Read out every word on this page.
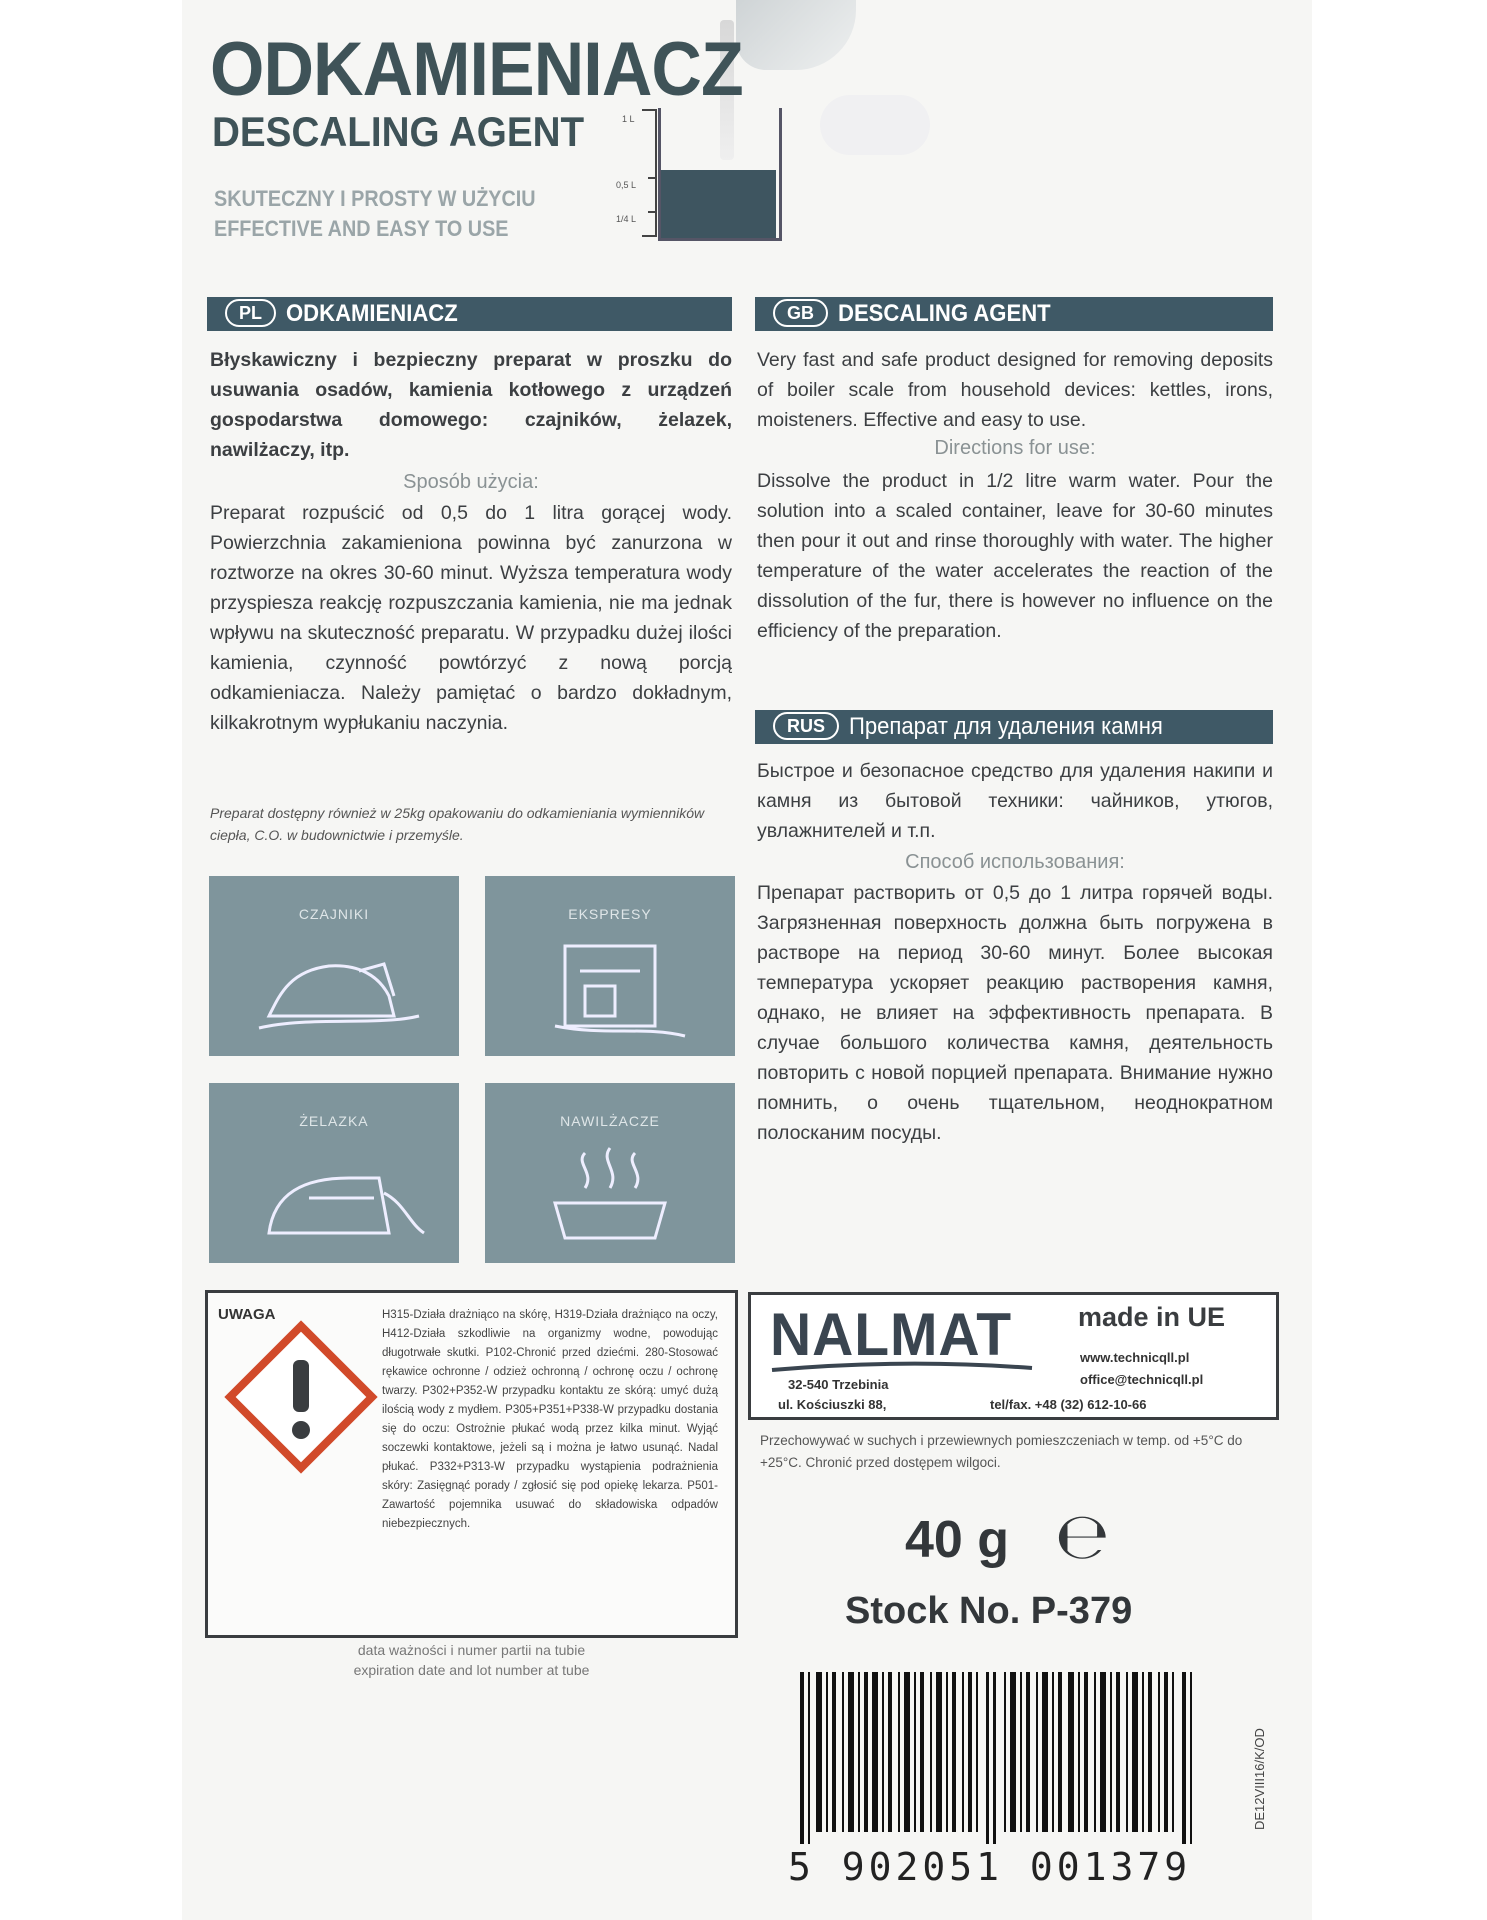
ODKAMIENIACZ
DESCALING AGENT
SKUTECZNY I PROSTY W UŻYCIU
EFFECTIVE AND EASY TO USE
1 L
0,5 L
1/4 L
PL ODKAMIENIACZ
Błyskawiczny i bezpieczny preparat w proszku do usuwania osadów, kamienia kotłowego z urządzeń gospodarstwa domowego: czajników, żelazek, nawilżaczy, itp.
Sposób użycia:
Preparat rozpuścić od 0,5 do 1 litra gorącej wody. Powierzchnia zakamieniona powinna być zanurzona w roztworze na okres 30-60 minut. Wyższa temperatura wody przyspiesza reakcję rozpuszczania kamienia, nie ma jednak wpływu na skuteczność preparatu. W przypadku dużej ilości kamienia, czynność powtórzyć z nową porcją odkamieniacza. Należy pamiętać o bardzo dokładnym, kilkakrotnym wypłukaniu naczynia.
Preparat dostępny również w 25kg opakowaniu do odkamieniania wymienników ciepła, C.O. w budownictwie i przemyśle.
CZAJNIKI	EKSPRESY
ŻELAZKA	NAWILŻACZE
GB DESCALING AGENT
Very fast and safe product designed for removing deposits of boiler scale from household devices: kettles, irons, moisteners. Effective and easy to use.
Directions for use:
Dissolve the product in 1/2 litre warm water. Pour the solution into a scaled container, leave for 30-60 minutes then pour it out and rinse thoroughly with water. The higher temperature of the water accelerates the reaction of the dissolution of the fur, there is however no influence on the efficiency of the preparation.
RUS Препарат для удаления камня
Быстрое и безопасное средство для удаления накипи и камня из бытовой техники: чайников, утюгов, увлажнителей и т.п.
Способ использования:
Препарат растворить от 0,5 до 1 литра горячей воды. Загрязненная поверхность должна быть погружена в растворе на период 30-60 минут. Более высокая температура ускоряет реакцию растворения камня, однако, не влияет на эффективность препарата. В случае большого количества камня, деятельность повторить с новой порцией препарата. Внимание нужно помнить, о очень тщательном, неоднократном полосканим посуды.
UWAGA	H315-Działa drażniąco na skórę, H319-Działa drażniąco na oczy, H412-Działa szkodliwie na organizmy wodne, powodując długotrwałe skutki. P102-Chronić przed dziećmi. 280-Stosować rękawice ochronne / odzież ochronną / ochronę oczu / ochronę twarzy. P302+P352-W przypadku kontaktu ze skórą: umyć dużą ilością wody z mydłem. P305+P351+P338-W przypadku dostania się do oczu: Ostrożnie płukać wodą przez kilka minut. Wyjąć soczewki kontaktowe, jeżeli są i można je łatwo usunąć. Nadal płukać. P332+P313-W przypadku wystąpienia podrażnienia skóry: Zasięgnąć porady / zgłosić się pod opiekę lekarza. P501-Zawartość pojemnika usuwać do składowiska odpadów niebezpiecznych.
data ważności i numer partii na tubie
expiration date and lot number at tube
NALMAT made in UE
32-540 Trzebinia
ul. Kościuszki 88,
www.technicqll.pl
office@technicqll.pl
tel/fax. +48 (32) 612-10-66
Przechowywać w suchych i przewiewnych pomieszczeniach w temp. od +5°C do +25°C. Chronić przed dostępem wilgoci.
40 g ℮
Stock No. P-379
5 902051 001379
DE12VIII16/K/OD
